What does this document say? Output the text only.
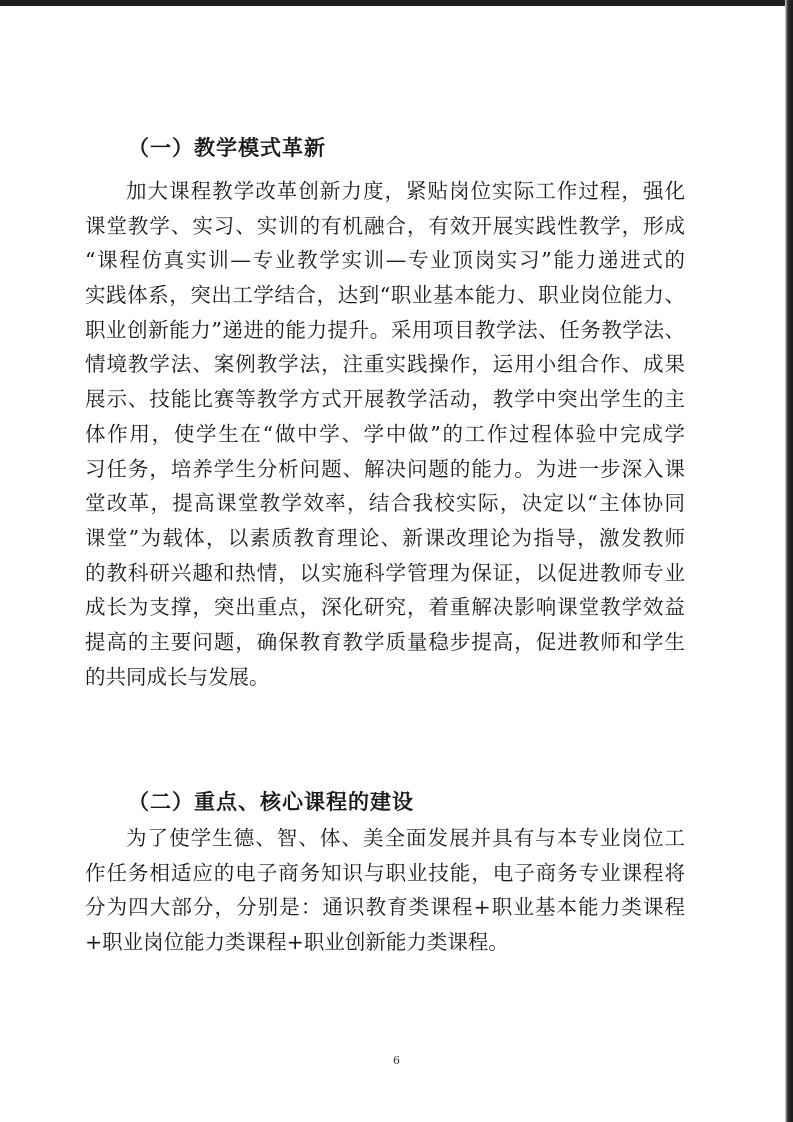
（一）教学模式革新
加大课程教学改革创新力度，紧贴岗位实际工作过程，强化
课堂教学、实习、实训的有机融合，有效开展实践性教学，形成
“课程仿真实训—专业教学实训—专业顶岗实习”能力递进式的
实践体系，突出工学结合，达到“职业基本能力、职业岗位能力、
职业创新能力”递进的能力提升。采用项目教学法、任务教学法、
情境教学法、案例教学法，注重实践操作，运用小组合作、成果
展示、技能比赛等教学方式开展教学活动，教学中突出学生的主
体作用，使学生在“做中学、学中做”的工作过程体验中完成学
习任务，培养学生分析问题、解决问题的能力。为进一步深入课
堂改革，提高课堂教学效率，结合我校实际，决定以“主体协同
课堂”为载体，以素质教育理论、新课改理论为指导，激发教师
的教科研兴趣和热情，以实施科学管理为保证，以促进教师专业
成长为支撑，突出重点，深化研究，着重解决影响课堂教学效益
提高的主要问题，确保教育教学质量稳步提高，促进教师和学生
的共同成长与发展。
（二）重点、核心课程的建设
为了使学生德、智、体、美全面发展并具有与本专业岗位工
作任务相适应的电子商务知识与职业技能，电子商务专业课程将
分为四大部分，分别是：通识教育类课程+职业基本能力类课程
+职业岗位能力类课程+职业创新能力类课程。
6
